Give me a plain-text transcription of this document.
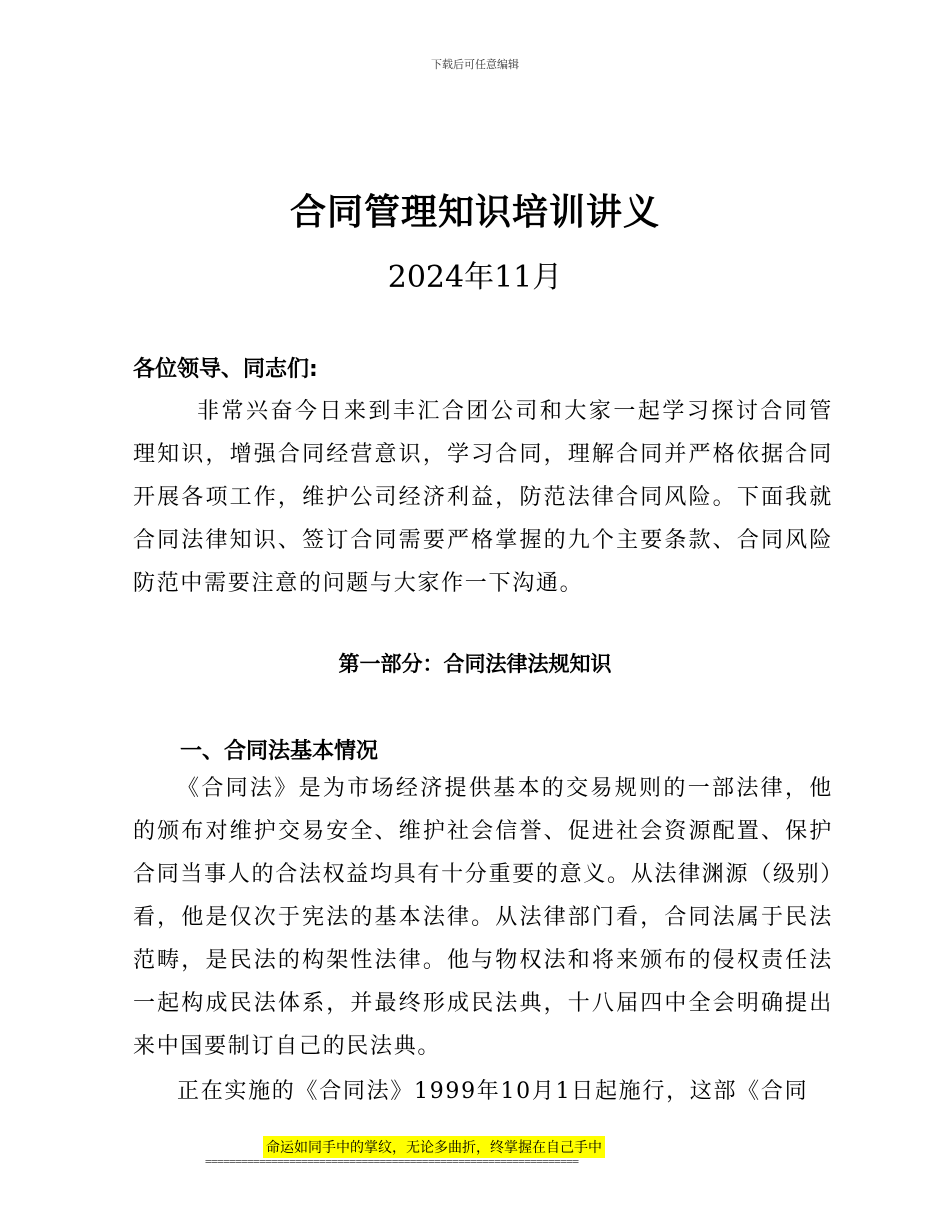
下载后可任意编辑
合同管理知识培训讲义
2024年11月
各位领导、同志们:

非常兴奋今日来到丰汇合团公司和大家一起学习探讨合同管理知识，增强合同经营意识，学习合同，理解合同并严格依据合同开展各项工作，维护公司经济利益，防范法律合同风险。下面我就合同法律知识、签订合同需要严格掌握的九个主要条款、合同风险防范中需要注意的问题与大家作一下沟通。

第一部分：合同法律法规知识
一、合同法基本情况

《合同法》是为市场经济提供基本的交易规则的一部法律，他的颁布对维护交易安全、维护社会信誉、促进社会资源配置、保护合同当事人的合法权益均具有十分重要的意义。从法律渊源（级别）看，他是仅次于宪法的基本法律。从法律部门看，合同法属于民法范畴，是民法的构架性法律。他与物权法和将来颁布的侵权责任法一起构成民法体系，并最终形成民法典，十八届四中全会明确提出来中国要制订自己的民法典。

正在实施的《合同法》1999年10月1日起施行，这部《合同

命运如同手中的掌纹，无论多曲折，终掌握在自己手中
==============================================================
